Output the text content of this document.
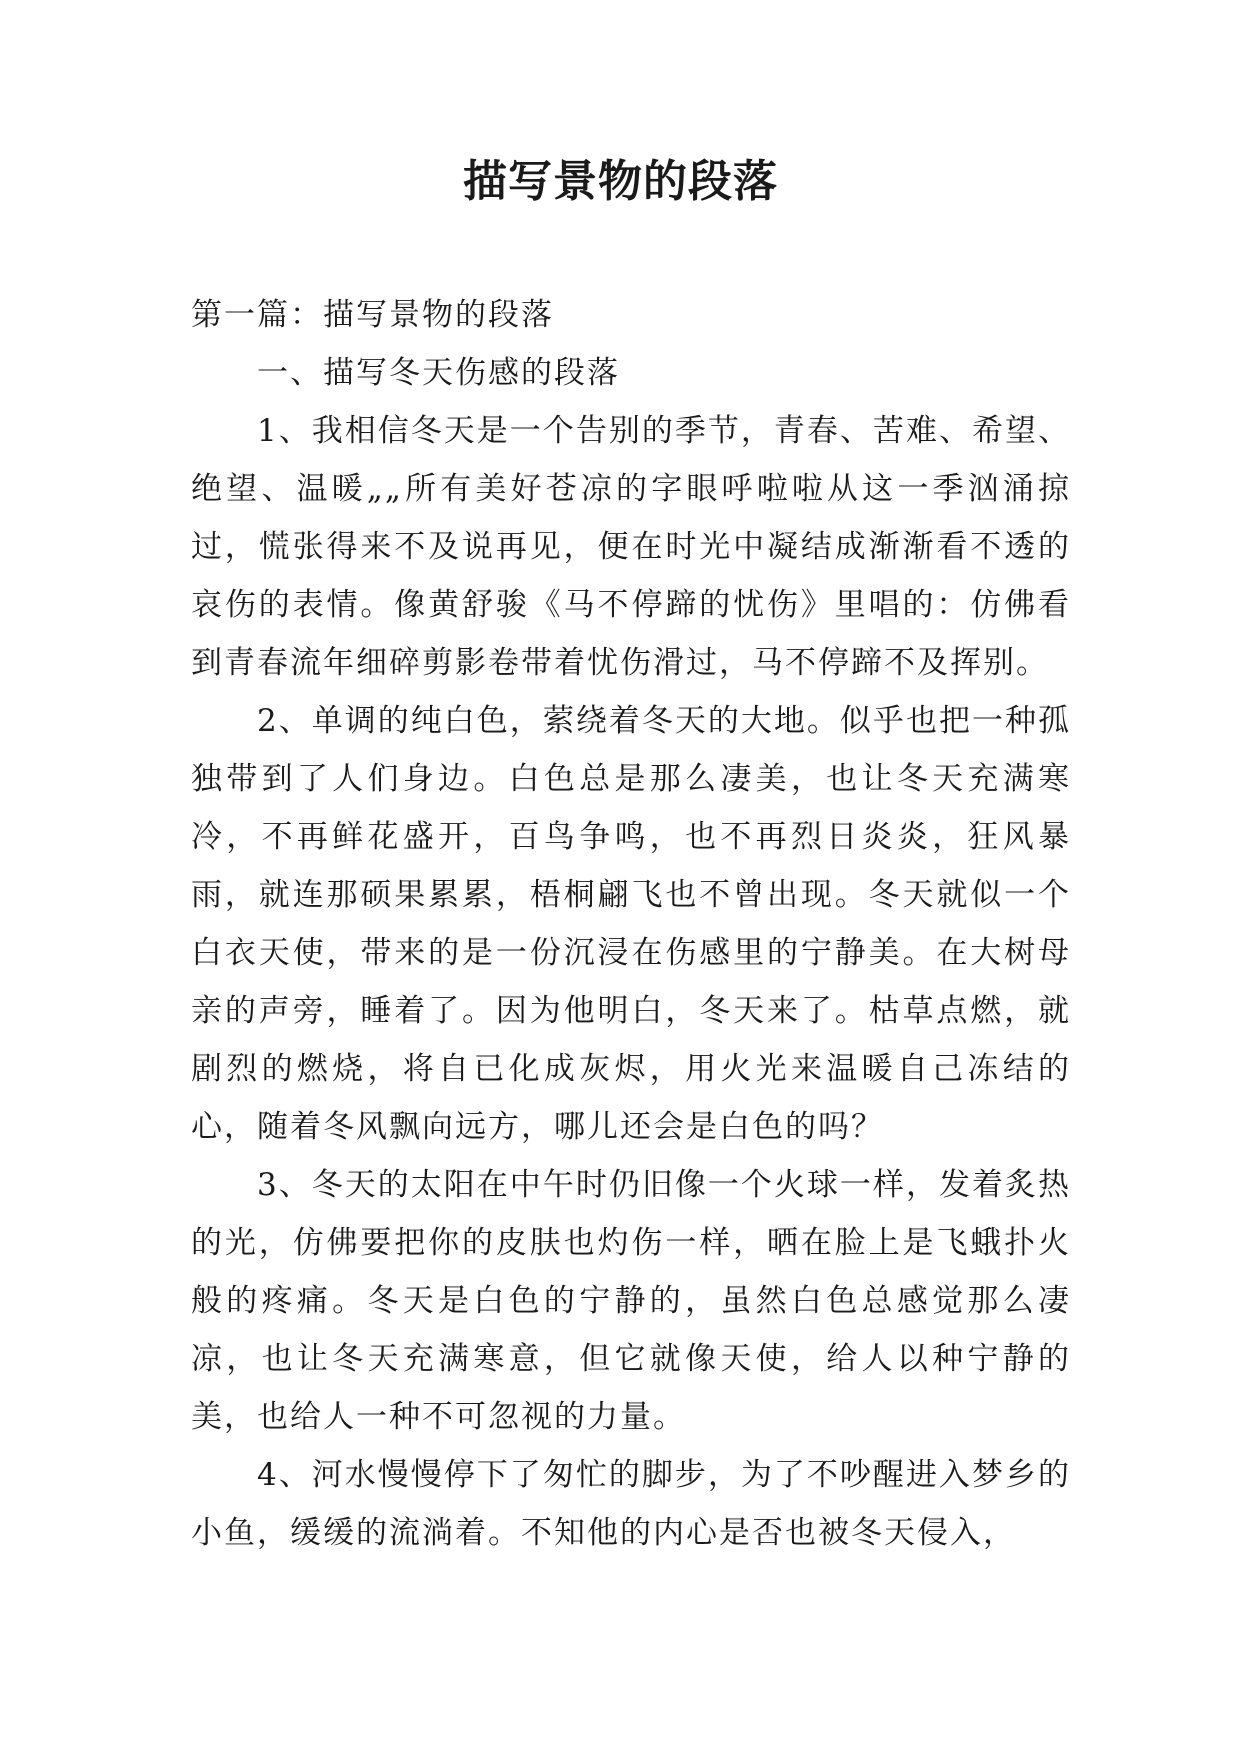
描写景物的段落

第一篇：描写景物的段落

一、描写冬天伤感的段落

1、我相信冬天是一个告别的季节，青春、苦难、希望、绝望、温暖„„所有美好苍凉的字眼呼啦啦从这一季汹涌掠过，慌张得来不及说再见，便在时光中凝结成渐渐看不透的哀伤的表情。像黄舒骏《马不停蹄的忧伤》里唱的：仿佛看到青春流年细碎剪影卷带着忧伤滑过，马不停蹄不及挥别。

2、单调的纯白色，萦绕着冬天的大地。似乎也把一种孤独带到了人们身边。白色总是那么凄美，也让冬天充满寒冷，不再鲜花盛开，百鸟争鸣，也不再烈日炎炎，狂风暴雨，就连那硕果累累，梧桐翩飞也不曾出现。冬天就似一个白衣天使，带来的是一份沉浸在伤感里的宁静美。在大树母亲的声旁，睡着了。因为他明白，冬天来了。枯草点燃，就剧烈的燃烧，将自已化成灰烬，用火光来温暖自己冻结的心，随着冬风飘向远方，哪儿还会是白色的吗？

3、冬天的太阳在中午时仍旧像一个火球一样，发着炙热的光，仿佛要把你的皮肤也灼伤一样，晒在脸上是飞蛾扑火般的疼痛。冬天是白色的宁静的，虽然白色总感觉那么凄凉，也让冬天充满寒意，但它就像天使，给人以种宁静的美，也给人一种不可忽视的力量。

4、河水慢慢停下了匆忙的脚步，为了不吵醒进入梦乡的小鱼，缓缓的流淌着。不知他的内心是否也被冬天侵入，
